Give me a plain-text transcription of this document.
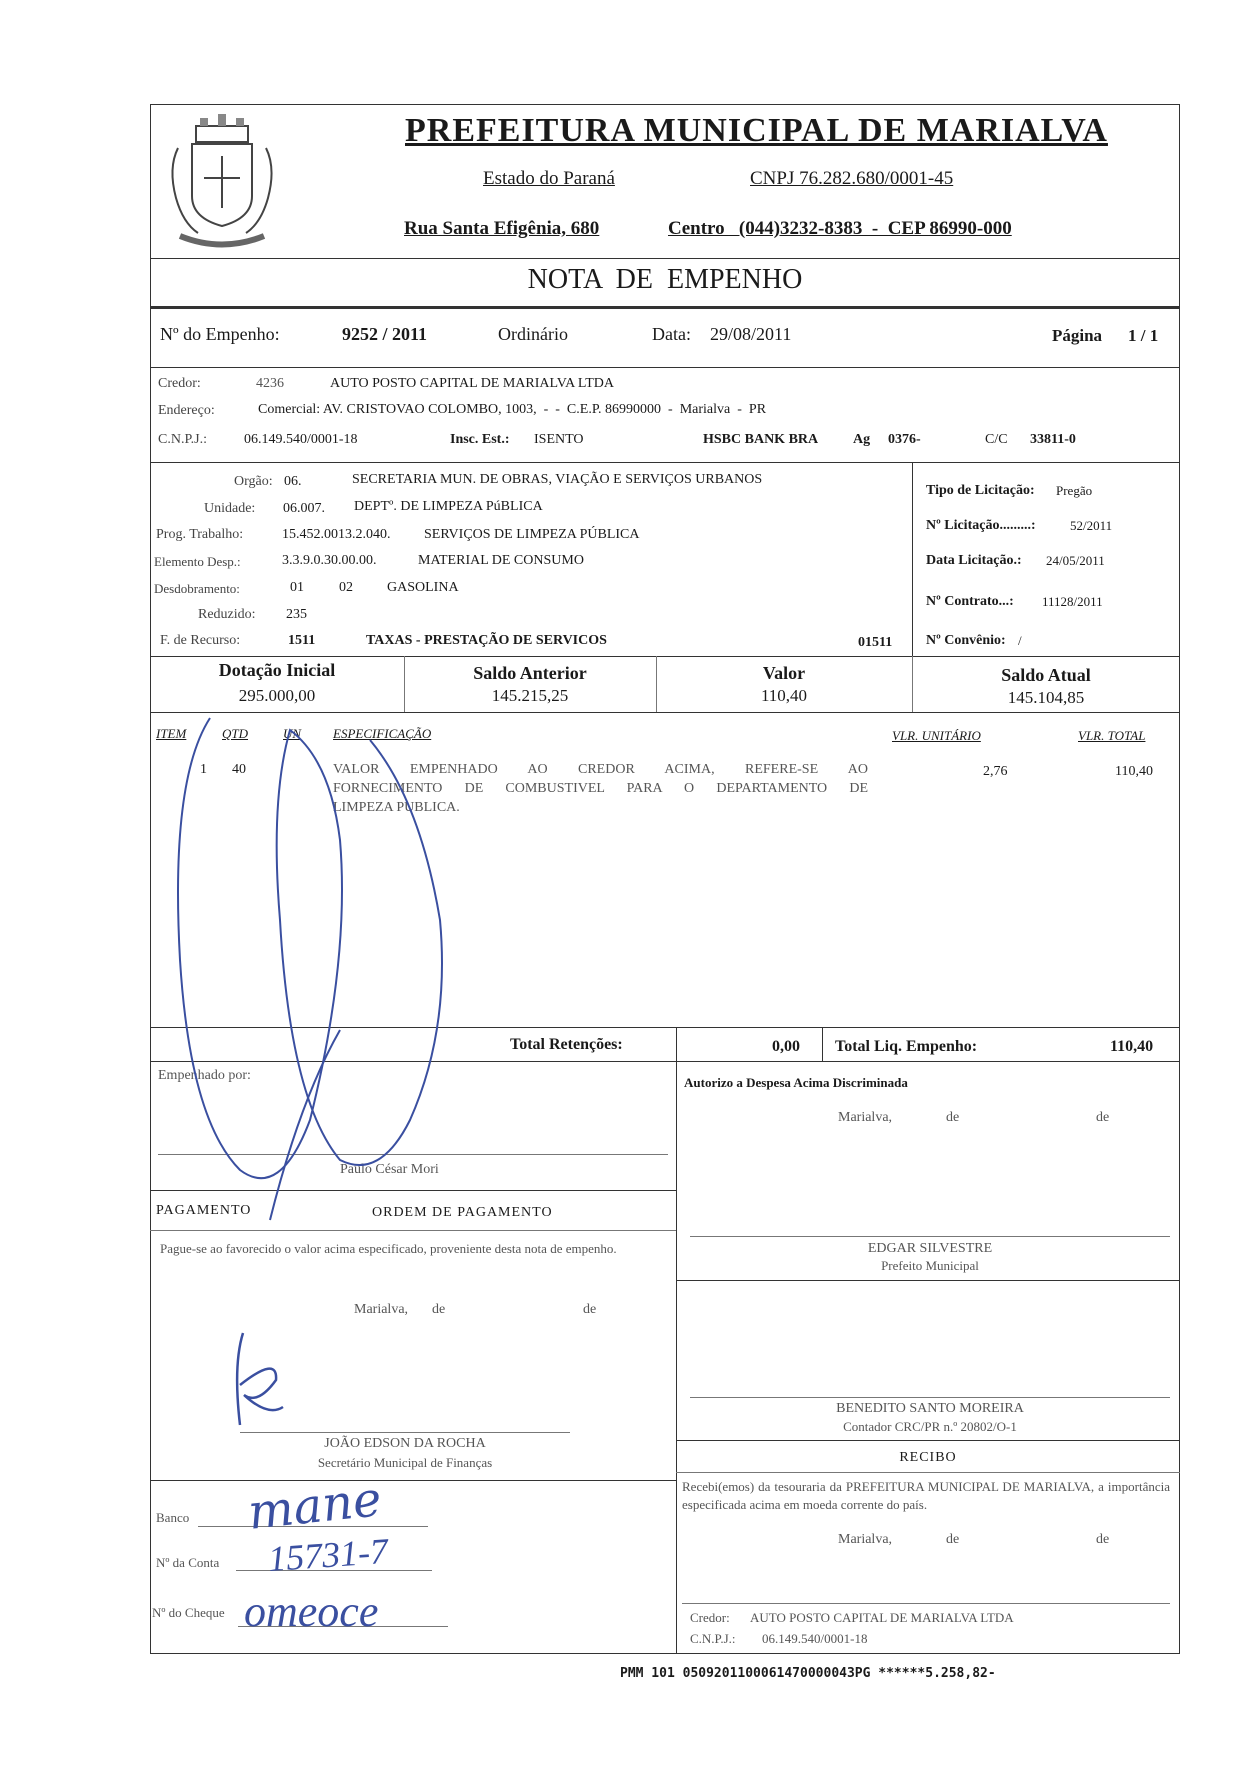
PREFEITURA MUNICIPAL DE MARIALVA
Estado do Paraná	CNPJ 76.282.680/0001-45
Rua Santa Efigênia, 680	Centro   (044)3232-8383  -  CEP 86990-000
NOTA  DE  EMPENHO
Nº do Empenho:	9252 / 2011	Ordinário	Data: 29/08/2011	Página 1 / 1
Credor:	4236	AUTO POSTO CAPITAL DE MARIALVA LTDA
Endereço:	Comercial: AV. CRISTOVAO COLOMBO, 1003,  -  -  C.E.P. 86990000  -  Marialva  -  PR
C.N.P.J.:	06.149.540/0001-18	Insc. Est.: ISENTO	HSBC BANK BRA Ag 0376-	C/C 33811-0
Orgão: 06.	SECRETARIA MUN. DE OBRAS, VIAÇÃO E SERVIÇOS URBANOS
Unidade: 06.007. DEPTº. DE LIMPEZA PúBLICA
Prog. Trabalho:	15.452.0013.2.040. SERVIÇOS DE LIMPEZA PÚBLICA
Elemento Desp.:	3.3.9.0.30.00.00.	MATERIAL DE CONSUMO
Desdobramento:	01	02 GASOLINA
Reduzido: 235
F. de Recurso:	1511	TAXAS - PRESTAÇÃO DE SERVICOS	01511
Tipo de Licitação: Pregão
Nº Licitação.........:	52/2011
Data Licitação.: 24/05/2011
Nº Contrato...: 11128/2011
Nº Convênio: /
Dotação Inicial
295.000,00
Saldo Anterior
145.215,25
Valor
110,40
Saldo Atual
145.104,85
ITEM	QTD	UN ESPECIFICAÇÃO	VLR. UNITÁRIO	VLR. TOTAL
1 40	VALOR EMPENHADO AO CREDOR ACIMA, REFERE-SE AO
FORNECIMENTO DE COMBUSTIVEL PARA O DEPARTAMENTO DE
LIMPEZA PUBLICA.
2,76	110,40
Total Retenções:	0,00 Total Liq. Empenho:	110,40
Empenhado por:
Paulo César Mori
Autorizo a Despesa Acima Discriminada
Marialva,	de	de
PAGAMENTO	ORDEM DE PAGAMENTO
Pague-se ao favorecido o valor acima especificado, proveniente desta nota de empenho.
Marialva, de	de
JOÃO EDSON DA ROCHA
Secretário Municipal de Finanças
EDGAR SILVESTRE
Prefeito Municipal
BENEDITO SANTO MOREIRA
Contador CRC/PR n.º 20802/O-1
RECIBO
Recebi(emos) da tesouraria da PREFEITURA MUNICIPAL DE MARIALVA, a importância especificada acima em moeda corrente do país.
Marialva,	de	de
Credor: AUTO POSTO CAPITAL DE MARIALVA LTDA
C.N.P.J.: 06.149.540/0001-18
Banco mane
Nº da Conta 15731-7
Nº do Cheque omeoce
PMM 101 0509201100061470000043PG ******5.258,82-
